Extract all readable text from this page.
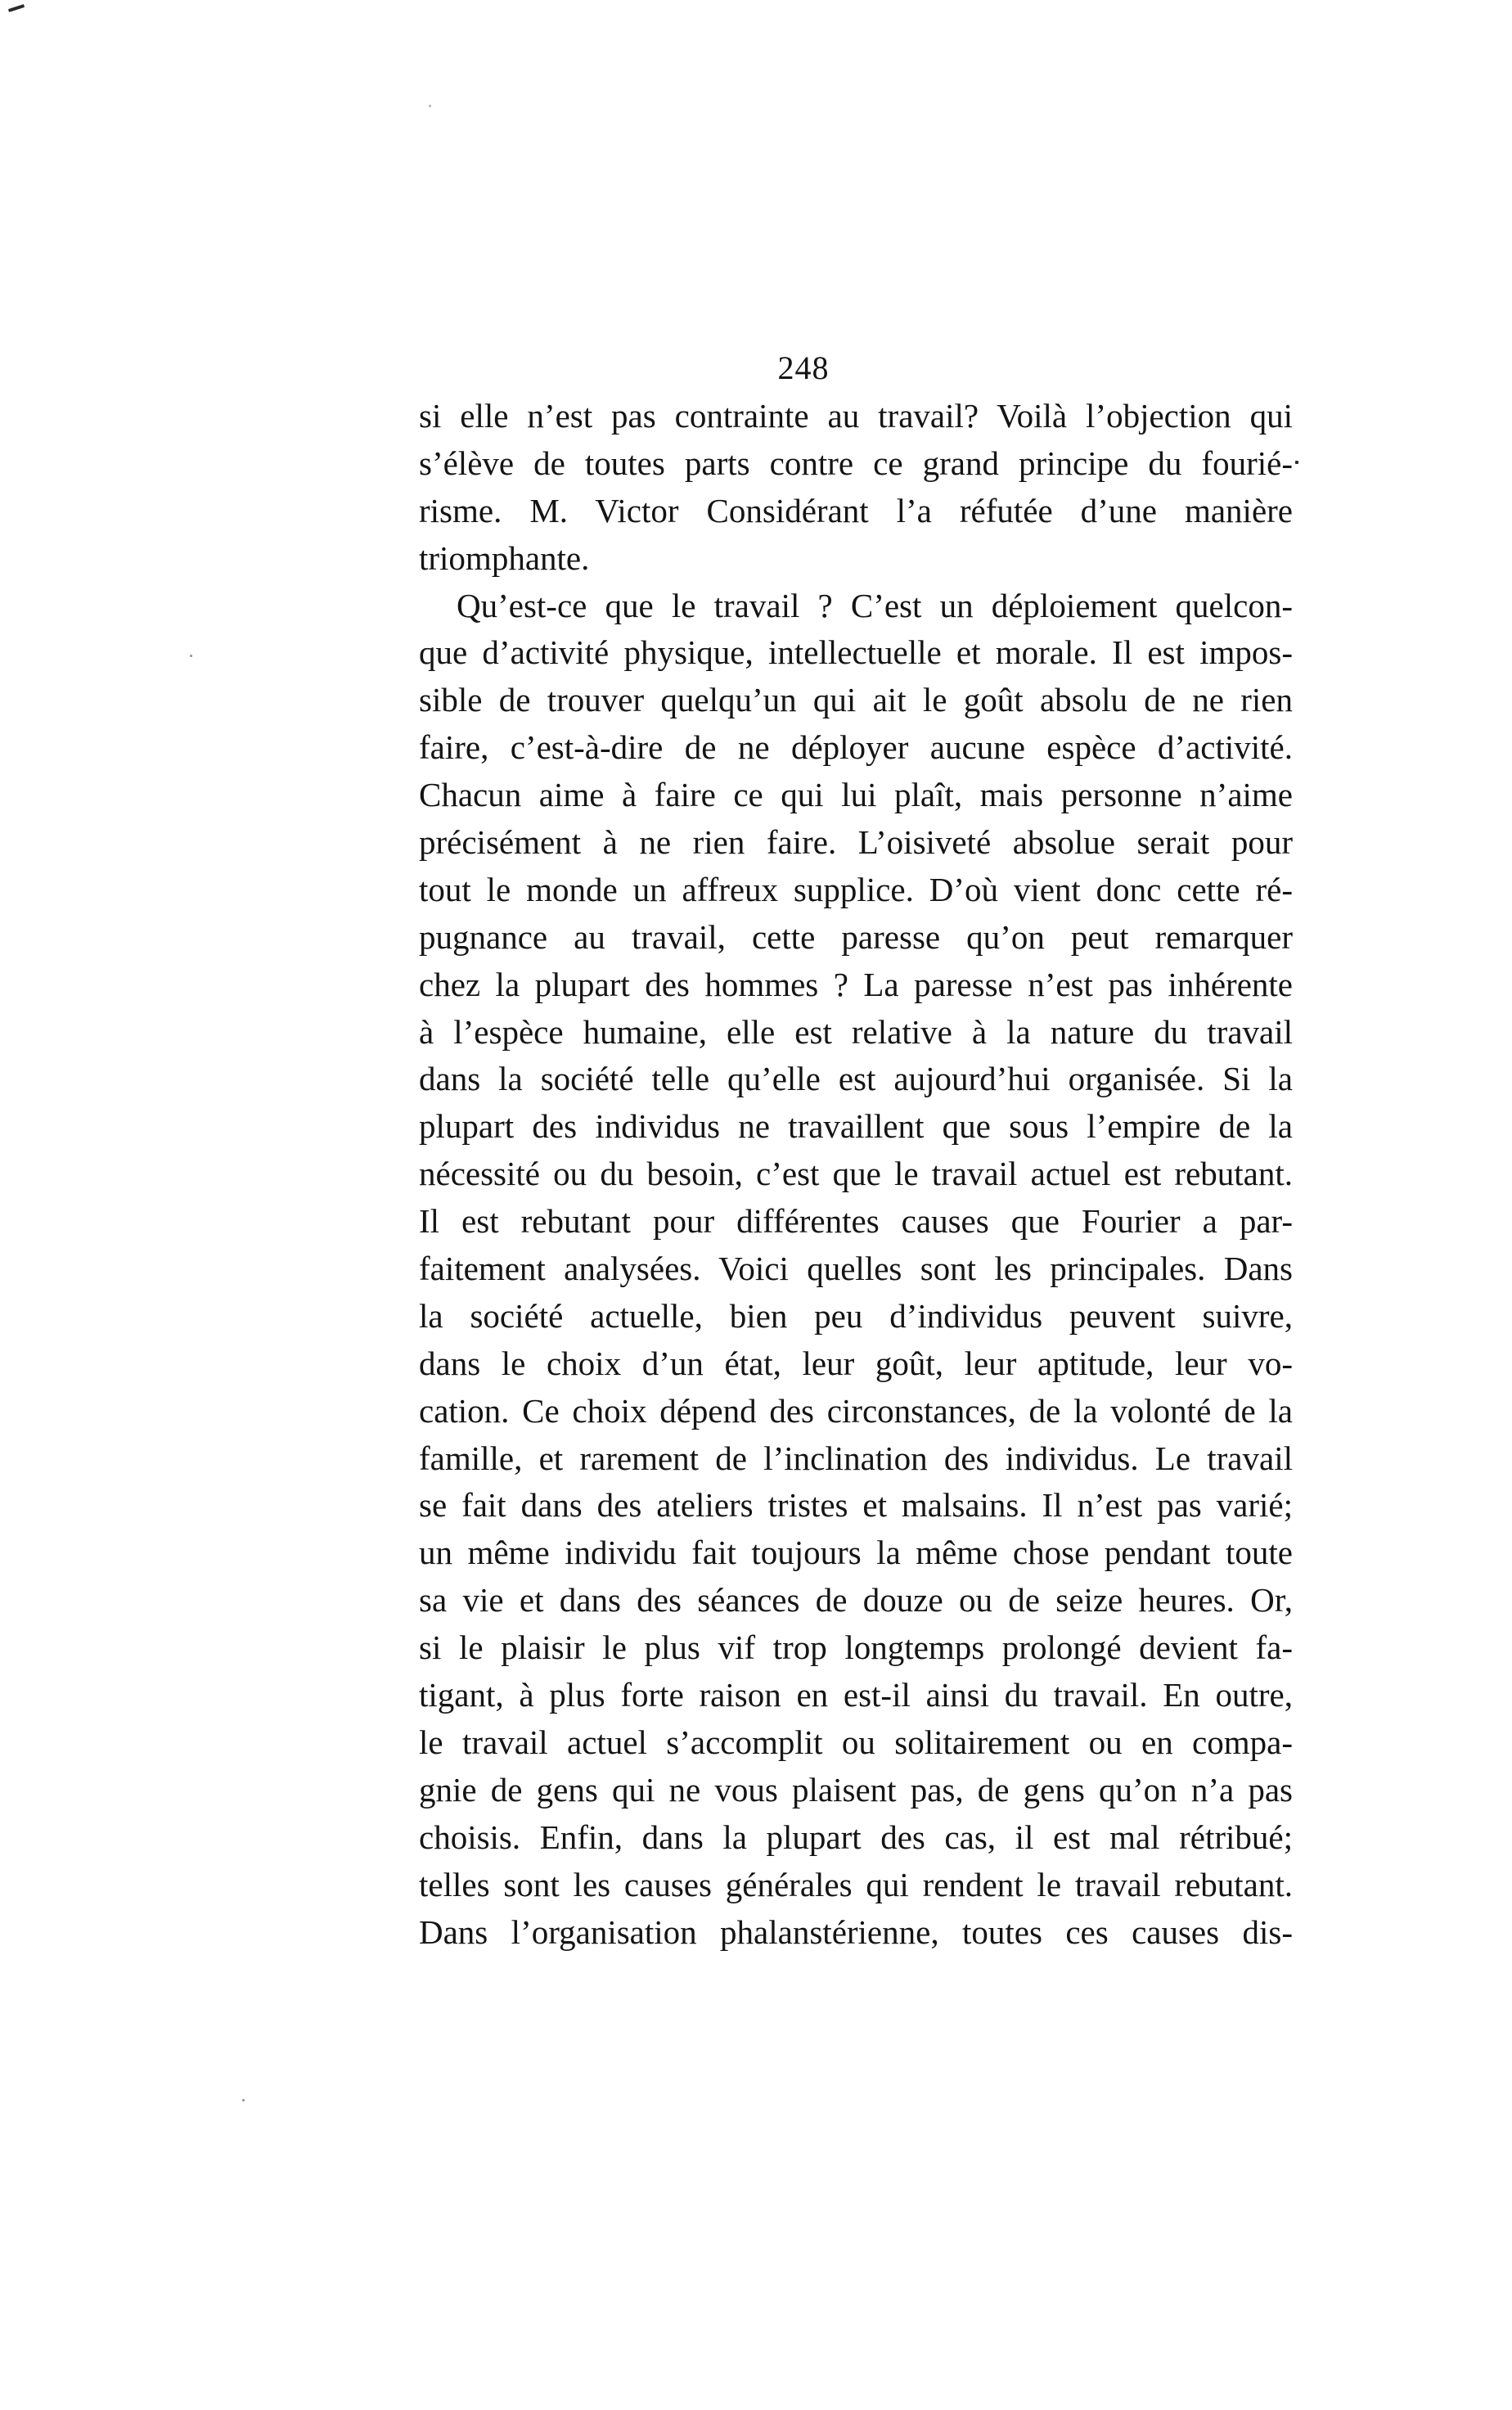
248
si elle n’est pas contrainte au travail? Voilà l’objection qui
s’élève de toutes parts contre ce grand principe du fourié-
risme. M. Victor Considérant l’a réfutée d’une manière
triomphante.
Qu’est-ce que le travail ? C’est un déploiement quelcon-
que d’activité physique, intellectuelle et morale. Il est impos-
sible de trouver quelqu’un qui ait le goût absolu de ne rien
faire, c’est-à-dire de ne déployer aucune espèce d’activité.
Chacun aime à faire ce qui lui plaît, mais personne n’aime
précisément à ne rien faire. L’oisiveté absolue serait pour
tout le monde un affreux supplice. D’où vient donc cette ré-
pugnance au travail, cette paresse qu’on peut remarquer
chez la plupart des hommes ? La paresse n’est pas inhérente
à l’espèce humaine, elle est relative à la nature du travail
dans la société telle qu’elle est aujourd’hui organisée. Si la
plupart des individus ne travaillent que sous l’empire de la
nécessité ou du besoin, c’est que le travail actuel est rebutant.
Il est rebutant pour différentes causes que Fourier a par-
faitement analysées. Voici quelles sont les principales. Dans
la société actuelle, bien peu d’individus peuvent suivre,
dans le choix d’un état, leur goût, leur aptitude, leur vo-
cation. Ce choix dépend des circonstances, de la volonté de la
famille, et rarement de l’inclination des individus. Le travail
se fait dans des ateliers tristes et malsains. Il n’est pas varié;
un même individu fait toujours la même chose pendant toute
sa vie et dans des séances de douze ou de seize heures. Or,
si le plaisir le plus vif trop longtemps prolongé devient fa-
tigant, à plus forte raison en est-il ainsi du travail. En outre,
le travail actuel s’accomplit ou solitairement ou en compa-
gnie de gens qui ne vous plaisent pas, de gens qu’on n’a pas
choisis. Enfin, dans la plupart des cas, il est mal rétribué;
telles sont les causes générales qui rendent le travail rebutant.
Dans l’organisation phalanstérienne, toutes ces causes dis-
